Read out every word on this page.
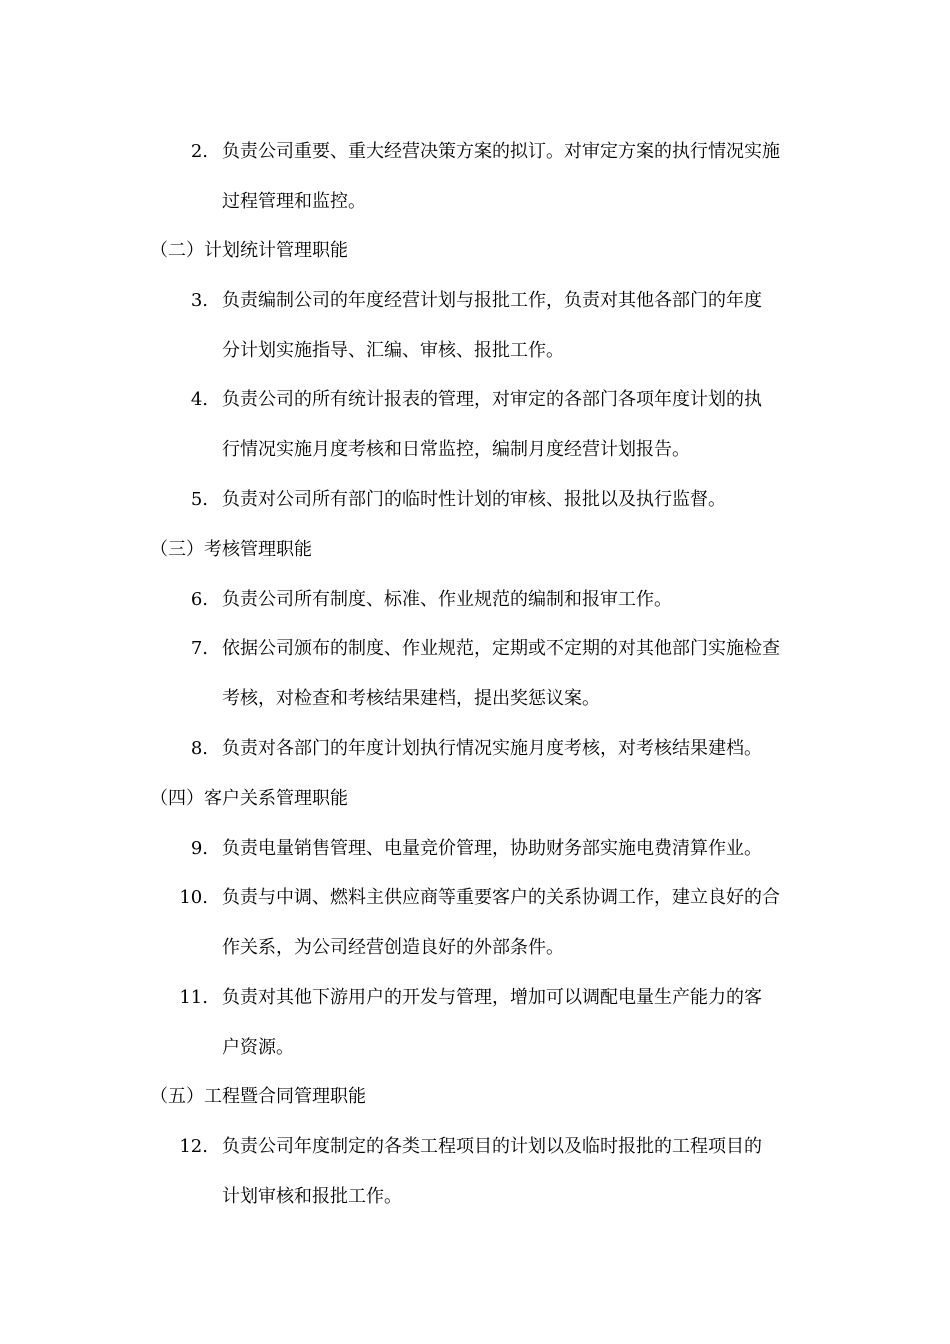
2. 负责公司重要、重大经营决策方案的拟订。对审定方案的执行情况实施
过程管理和监控。
（二）计划统计管理职能
3. 负责编制公司的年度经营计划与报批工作，负责对其他各部门的年度
分计划实施指导、汇编、审核、报批工作。
4. 负责公司的所有统计报表的管理，对审定的各部门各项年度计划的执
行情况实施月度考核和日常监控，编制月度经营计划报告。
5. 负责对公司所有部门的临时性计划的审核、报批以及执行监督。
（三）考核管理职能
6. 负责公司所有制度、标准、作业规范的编制和报审工作。
7. 依据公司颁布的制度、作业规范，定期或不定期的对其他部门实施检查
考核，对检查和考核结果建档，提出奖惩议案。
8. 负责对各部门的年度计划执行情况实施月度考核，对考核结果建档。
（四）客户关系管理职能
9. 负责电量销售管理、电量竞价管理，协助财务部实施电费清算作业。
10. 负责与中调、燃料主供应商等重要客户的关系协调工作，建立良好的合
作关系，为公司经营创造良好的外部条件。
11. 负责对其他下游用户的开发与管理，增加可以调配电量生产能力的客
户资源。
（五）工程暨合同管理职能
12. 负责公司年度制定的各类工程项目的计划以及临时报批的工程项目的
计划审核和报批工作。
